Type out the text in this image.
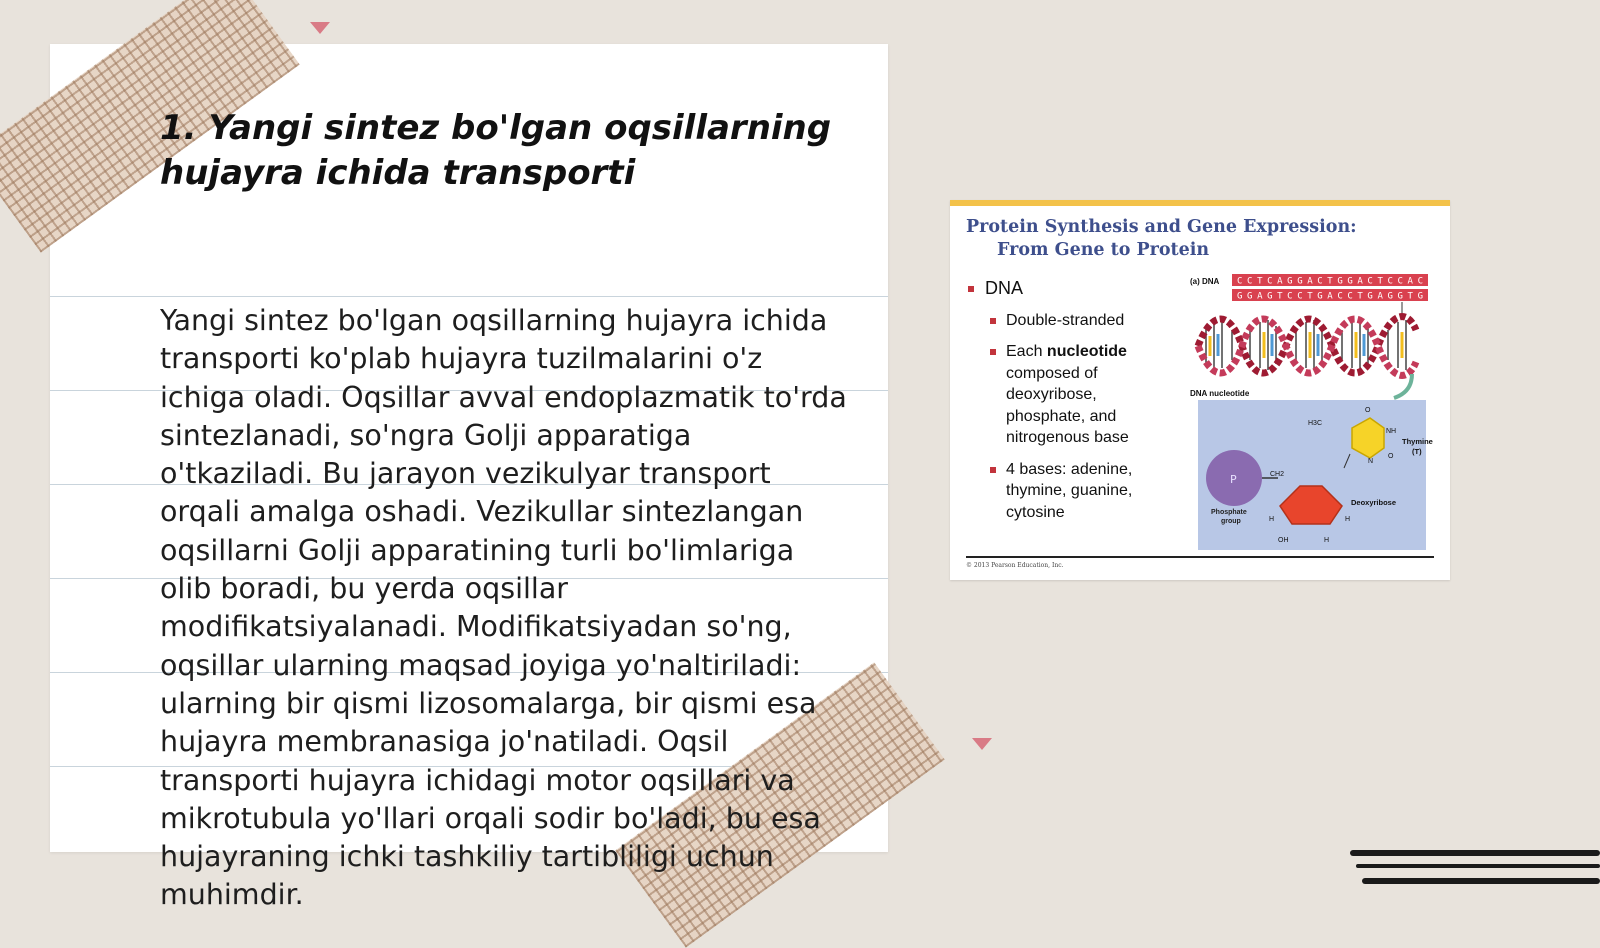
1. Yangi sintez bo'lgan oqsillarning
hujayra ichida transporti

Yangi sintez bo'lgan oqsillarning hujayra ichida transporti ko'plab hujayra tuzilmalarini o'z ichiga oladi. Oqsillar avval endoplazmatik to'rda sintezlanadi, so'ngra Golji apparatiga o'tkaziladi. Bu jarayon vezikulyar transport orqali amalga oshadi. Vezikullar sintezlangan oqsillarni Golji apparatining turli bo'limlariga olib boradi, bu yerda oqsillar modifikatsiyalanadi. Modifikatsiyadan so'ng, oqsillar ularning maqsad joyiga yo'naltiriladi: ularning bir qismi lizosomalarga, bir qismi esa hujayra membranasiga jo'natiladi. Oqsil transporti hujayra ichidagi motor oqsillari va mikrotubula yo'llari orqali sodir bo'ladi, bu esa hujayraning ichki tashkiliy tartibliligi uchun muhimdir.

Protein Synthesis and Gene Expression:
From Gene to Protein
DNA
Double-stranded
Each nucleotide
composed of deoxyribose, phosphate, and nitrogenous base
4 bases: adenine, thymine, guanine, cytosine
(a) DNA CCTCAGGACTGGACTCCAC
GGAGTCCTGACCTGAGGTG
DNA nucleotide
P
Phosphate
group
CH2
Deoxyribose
H	H
OH	H
H3C
O
NH
N
O
Thymine
(T)
© 2013 Pearson Education, Inc.
